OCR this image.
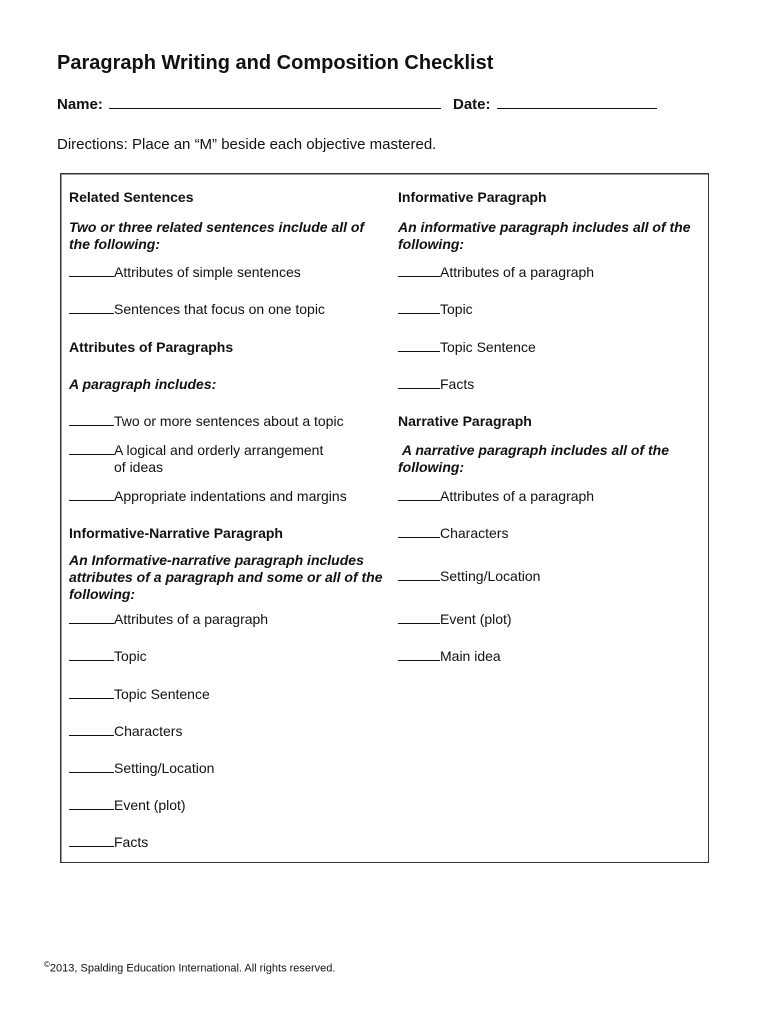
Paragraph Writing and Composition Checklist
Name:	Date:
Directions: Place an “M” beside each objective mastered.
Related Sentences
Two or three related sentences include all of the following:
Attributes of simple sentences
Sentences that focus on one topic
Attributes of Paragraphs
A paragraph includes:
Two or more sentences about a topic
A logical and orderly arrangement of ideas
Appropriate indentations and margins
Informative-Narrative Paragraph
An Informative-narrative paragraph includes attributes of a paragraph and some or all of the following:
Attributes of a paragraph
Topic
Topic Sentence
Characters
Setting/Location
Event (plot)
Facts
Informative Paragraph
An informative paragraph includes all of the following:
Attributes of a paragraph
Topic
Topic Sentence
Facts
Narrative Paragraph
A narrative paragraph includes all of the following:
Attributes of a paragraph
Characters
Setting/Location
Event (plot)
Main idea
©2013, Spalding Education International. All rights reserved.
